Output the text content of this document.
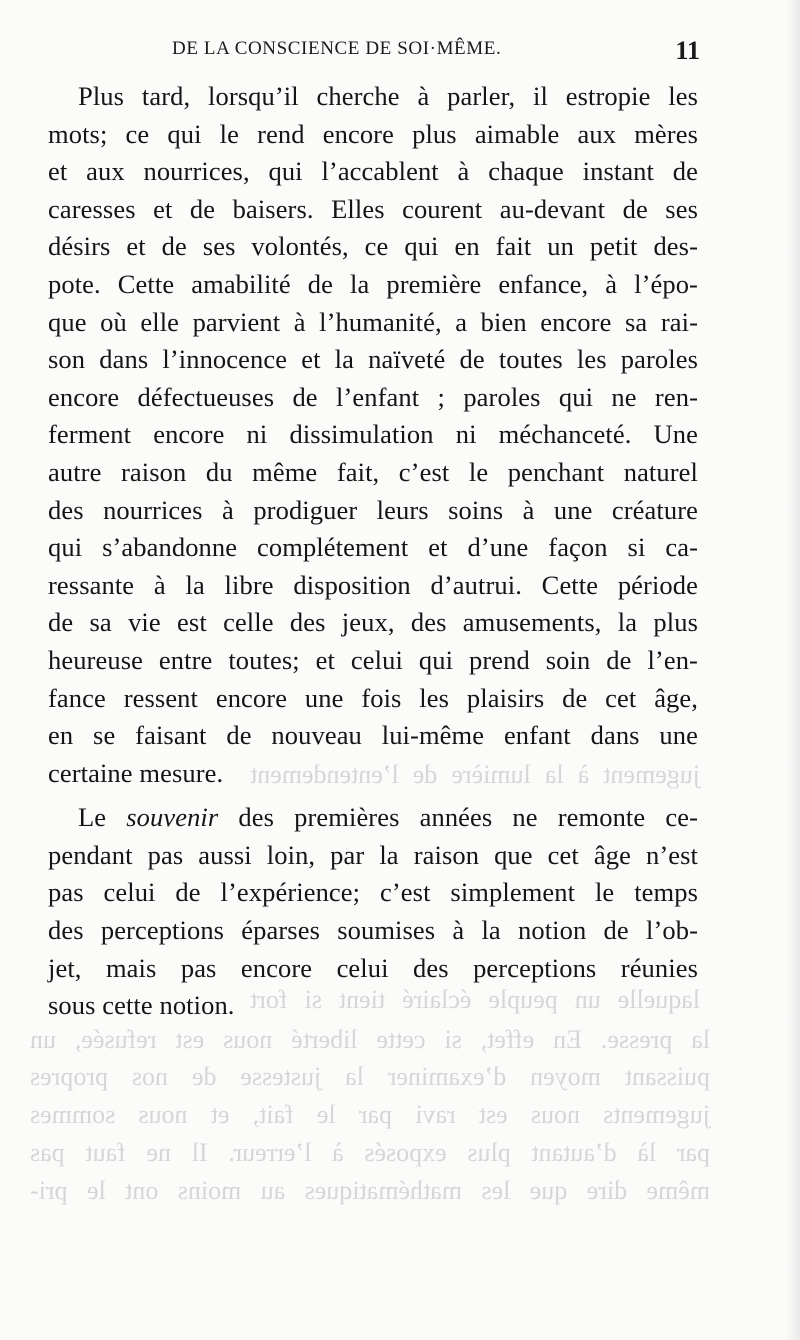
jugement à la lumière de l’entendement
laquelle un peuple éclairé tient si fort
la presse. En effet, si cette liberté nous est refusée, un
puissant moyen d’examiner la justesse de nos propres
jugements nous est ravi par le fait, et nous sommes
par là d’autant plus exposés à l’erreur. Il ne faut pas
même dire que les mathématiques au moins ont le pri-
DE LA CONSCIENCE DE SOI·MÊME.	11
Plus tard, lorsqu’il cherche à parler, il estropie les
mots; ce qui le rend encore plus aimable aux mères
et aux nourrices, qui l’accablent à chaque instant de
caresses et de baisers. Elles courent au-devant de ses
désirs et de ses volontés, ce qui en fait un petit des-
pote. Cette amabilité de la première enfance, à l’épo-
que où elle parvient à l’humanité, a bien encore sa rai-
son dans l’innocence et la naïveté de toutes les paroles
encore défectueuses de l’enfant ; paroles qui ne ren-
ferment encore ni dissimulation ni méchanceté. Une
autre raison du même fait, c’est le penchant naturel
des nourrices à prodiguer leurs soins à une créature
qui s’abandonne complétement et d’une façon si ca-
ressante à la libre disposition d’autrui. Cette période
de sa vie est celle des jeux, des amusements, la plus
heureuse entre toutes; et celui qui prend soin de l’en-
fance ressent encore une fois les plaisirs de cet âge,
en se faisant de nouveau lui-même enfant dans une
certaine mesure.
Le souvenir des premières années ne remonte ce-
pendant pas aussi loin, par la raison que cet âge n’est
pas celui de l’expérience; c’est simplement le temps
des perceptions éparses soumises à la notion de l’ob-
jet, mais pas encore celui des perceptions réunies
sous cette notion.
